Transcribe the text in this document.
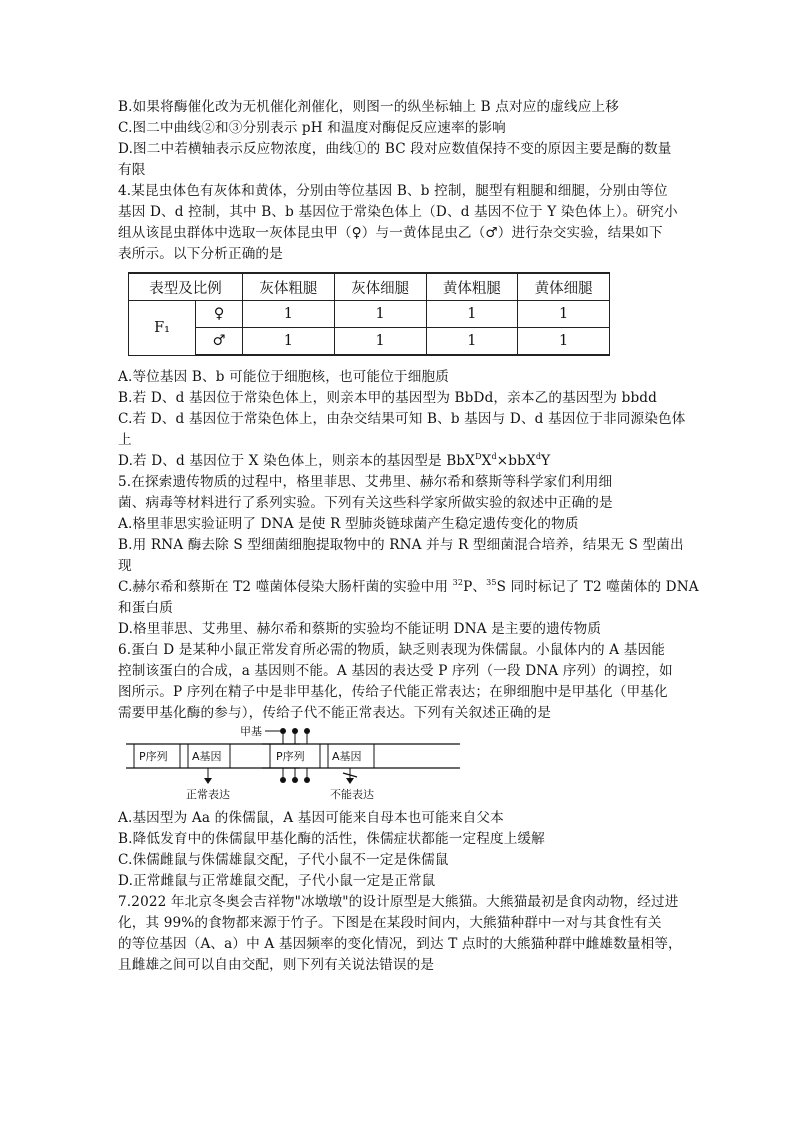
B.如果将酶催化改为无机催化剂催化，则图一的纵坐标轴上 B 点对应的虚线应上移
C.图二中曲线②和③分别表示 pH 和温度对酶促反应速率的影响
D.图二中若横轴表示反应物浓度，曲线①的 BC 段对应数值保持不变的原因主要是酶的数量
有限
4.某昆虫体色有灰体和黄体，分别由等位基因 B、b 控制，腿型有粗腿和细腿，分别由等位
基因 D、d 控制，其中 B、b 基因位于常染色体上（D、d 基因不位于 Y 染色体上）。研究小
组从该昆虫群体中选取一灰体昆虫甲（♀）与一黄体昆虫乙（♂）进行杂交实验，结果如下
表所示。以下分析正确的是
表型及比例		灰体粗腿	灰体细腿	黄体粗腿	黄体细腿
F₁	♀	1	1	1	1
	♂	1	1	1	1
A.等位基因 B、b 可能位于细胞核，也可能位于细胞质
B.若 D、d 基因位于常染色体上，则亲本甲的基因型为 BbDd，亲本乙的基因型为 bbdd
C.若 D、d 基因位于常染色体上，由杂交结果可知 B、b 基因与 D、d 基因位于非同源染色体
上
D.若 D、d 基因位于 X 染色体上，则亲本的基因型是 $BbX^DX^d\times bbX^dY$
5.在探索遗传物质的过程中，格里菲思、艾弗里、赫尔希和蔡斯等科学家们利用细
菌、病毒等材料进行了系列实验。下列有关这些科学家所做实验的叙述中正确的是
A.格里菲思实验证明了 DNA 是使 R 型肺炎链球菌产生稳定遗传变化的物质
B.用 RNA 酶去除 S 型细菌细胞提取物中的 RNA 并与 R 型细菌混合培养，结果无 S 型菌出
现
C.赫尔希和蔡斯在 T2 噬菌体侵染大肠杆菌的实验中用 $^{32}$P、$^{35}$S 同时标记了 T2 噬菌体的 DNA
和蛋白质
D.格里菲思、艾弗里、赫尔希和蔡斯的实验均不能证明 DNA 是主要的遗传物质
6.蛋白 D 是某种小鼠正常发育所必需的物质，缺乏则表现为侏儒鼠。小鼠体内的 A 基因能
控制该蛋白的合成，a 基因则不能。A 基因的表达受 P 序列（一段 DNA 序列）的调控，如
图所示。P 序列在精子中是非甲基化，传给子代能正常表达；在卵细胞中是甲基化（甲基化
需要甲基化酶的参与），传给子代不能正常表达。下列有关叙述正确的是
P序列 A基因
正常表达
甲基
P序列 A基因
不能表达
A.基因型为 Aa 的侏儒鼠，A 基因可能来自母本也可能来自父本
B.降低发育中的侏儒鼠甲基化酶的活性，侏儒症状都能一定程度上缓解
C.侏儒雌鼠与侏儒雄鼠交配，子代小鼠不一定是侏儒鼠
D.正常雌鼠与正常雄鼠交配，子代小鼠一定是正常鼠
7.2022 年北京冬奥会吉祥物"冰墩墩"的设计原型是大熊猫。大熊猫最初是食肉动物，经过进
化，其 99%的食物都来源于竹子。下图是在某段时间内，大熊猫种群中一对与其食性有关
的等位基因（A、a）中 A 基因频率的变化情况，到达 T 点时的大熊猫种群中雌雄数量相等，
且雌雄之间可以自由交配，则下列有关说法错误的是
